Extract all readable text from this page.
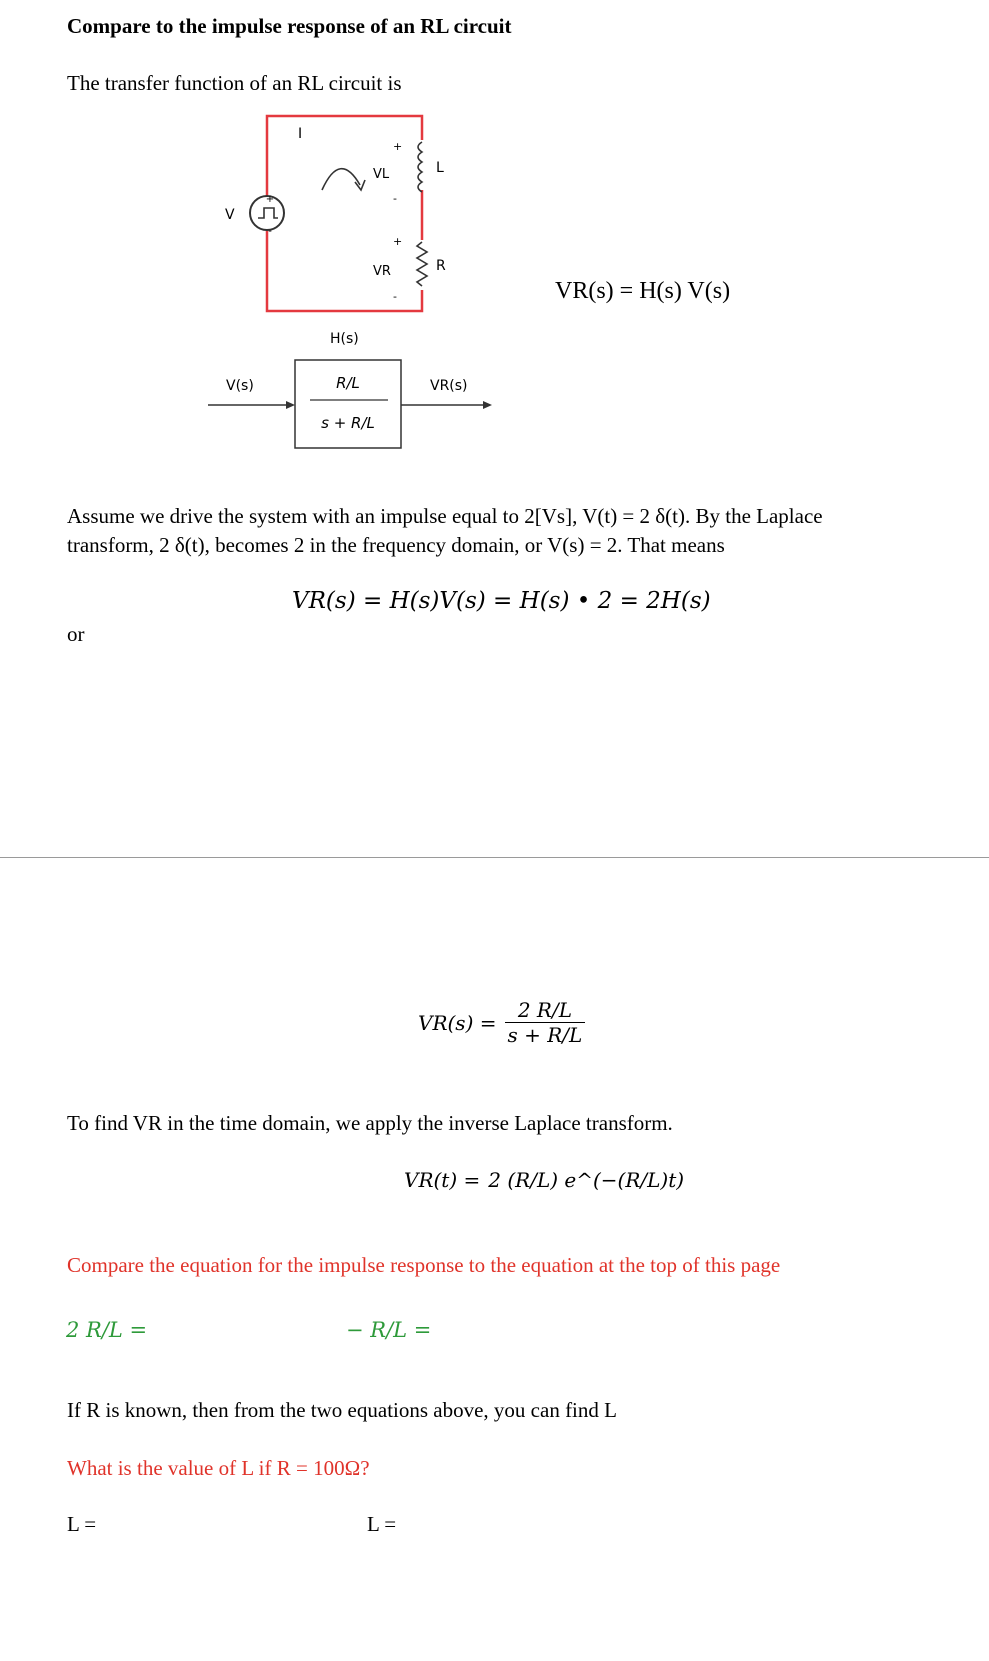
Compare to the impulse response of an RL circuit
The transfer function of an RL circuit is
+
-
V
I
L
R
+
VL
-
+
VR
-
H(s)
R/L
s + R/L
V(s)	VR(s)
VR(s) = H(s) V(s)
Assume we drive the system with an impulse equal to 2[Vs], V(t) = 2 δ(t). By the Laplace
transform, 2 δ(t), becomes 2 in the frequency domain, or V(s) = 2. That means
VR(s) = H(s)V(s) = H(s) • 2 = 2H(s)
or
$VR(s) = \frac{2 R/L}{s + R/L}$
To find VR in the time domain, we apply the inverse Laplace transform.
VR(t) = 2 (R/L) e^(−(R/L)t)
Compare the equation for the impulse response to the equation at the top of this page
2 R/L =	− R/L =
If R is known, then from the two equations above, you can find L
What is the value of L if R = 100Ω?
L =	L =
